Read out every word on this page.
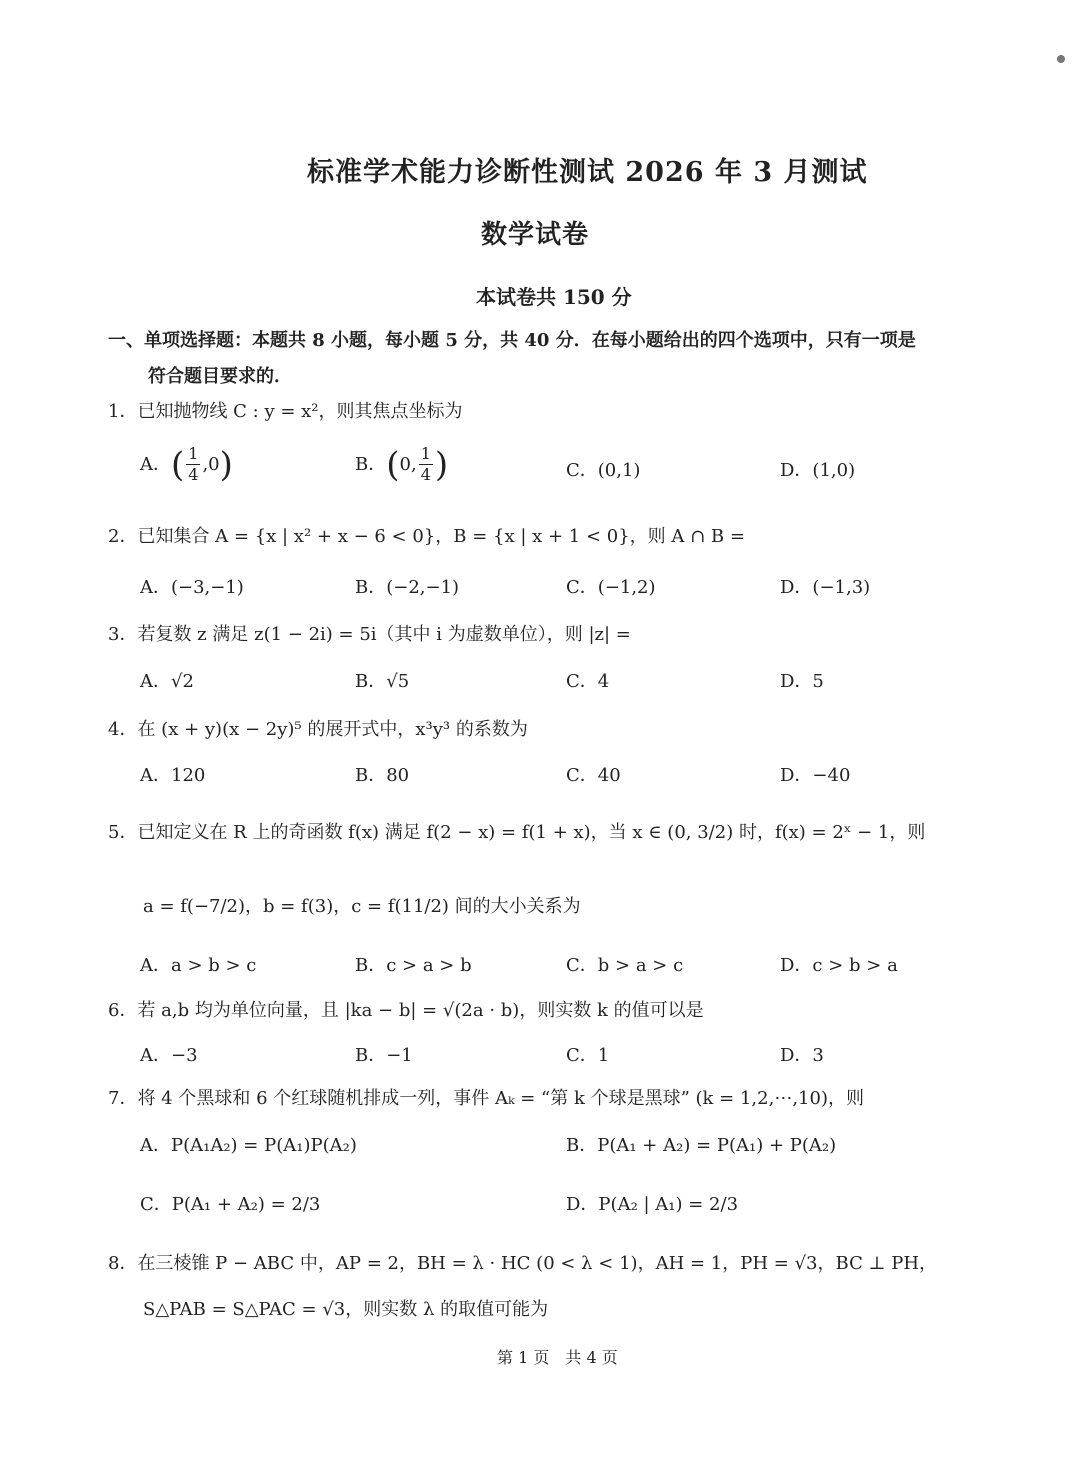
标准学术能力诊断性测试 2026 年 3 月测试
数学试卷
本试卷共 150 分
一、单项选择题：本题共 8 小题，每小题 5 分，共 40 分．在每小题给出的四个选项中，只有一项是
符合题目要求的．
1．已知抛物线 C : y = x²，则其焦点坐标为
A． ( $\frac{1}{4} ,0$ )	B． ( 0, $\frac{1}{4}$ )	C．(0,1)	D．(1,0)
2．已知集合 A = {x | x² + x − 6 < 0}，B = {x | x + 1 < 0}，则 A ∩ B =
A．(−3,−1)	B．(−2,−1)	C．(−1,2)	D．(−1,3)
3．若复数 z 满足 z(1 − 2i) = 5i（其中 i 为虚数单位），则 |z| =
A．√2	B．√5	C．4	D．5
4．在 (x + y)(x − 2y)⁵ 的展开式中，x³y³ 的系数为
A．120	B．80	C．40	D．−40
5．已知定义在 R 上的奇函数 f(x) 满足 f(2 − x) = f(1 + x)，当 x ∈ (0, 3/2) 时，f(x) = 2ˣ − 1，则
a = f(−7/2)，b = f(3)，c = f(11/2) 间的大小关系为
A．a > b > c	B．c > a > b	C．b > a > c	D．c > b > a
6．若 a,b 均为单位向量，且 |ka − b| = √(2a · b)，则实数 k 的值可以是
A．−3	B．−1	C．1	D．3
7．将 4 个黑球和 6 个红球随机排成一列，事件 Aₖ = “第 k 个球是黑球” (k = 1,2,⋯,10)，则
A．P(A₁A₂) = P(A₁)P(A₂)	B．P(A₁ + A₂) = P(A₁) + P(A₂)
C．P(A₁ + A₂) = 2/3	D．P(A₂ | A₁) = 2/3
8．在三棱锥 P − ABC 中，AP = 2，BH = λ · HC (0 < λ < 1)，AH = 1，PH = √3，BC ⊥ PH，
S△PAB = S△PAC = √3，则实数 λ 的取值可能为
第 1 页　共 4 页
